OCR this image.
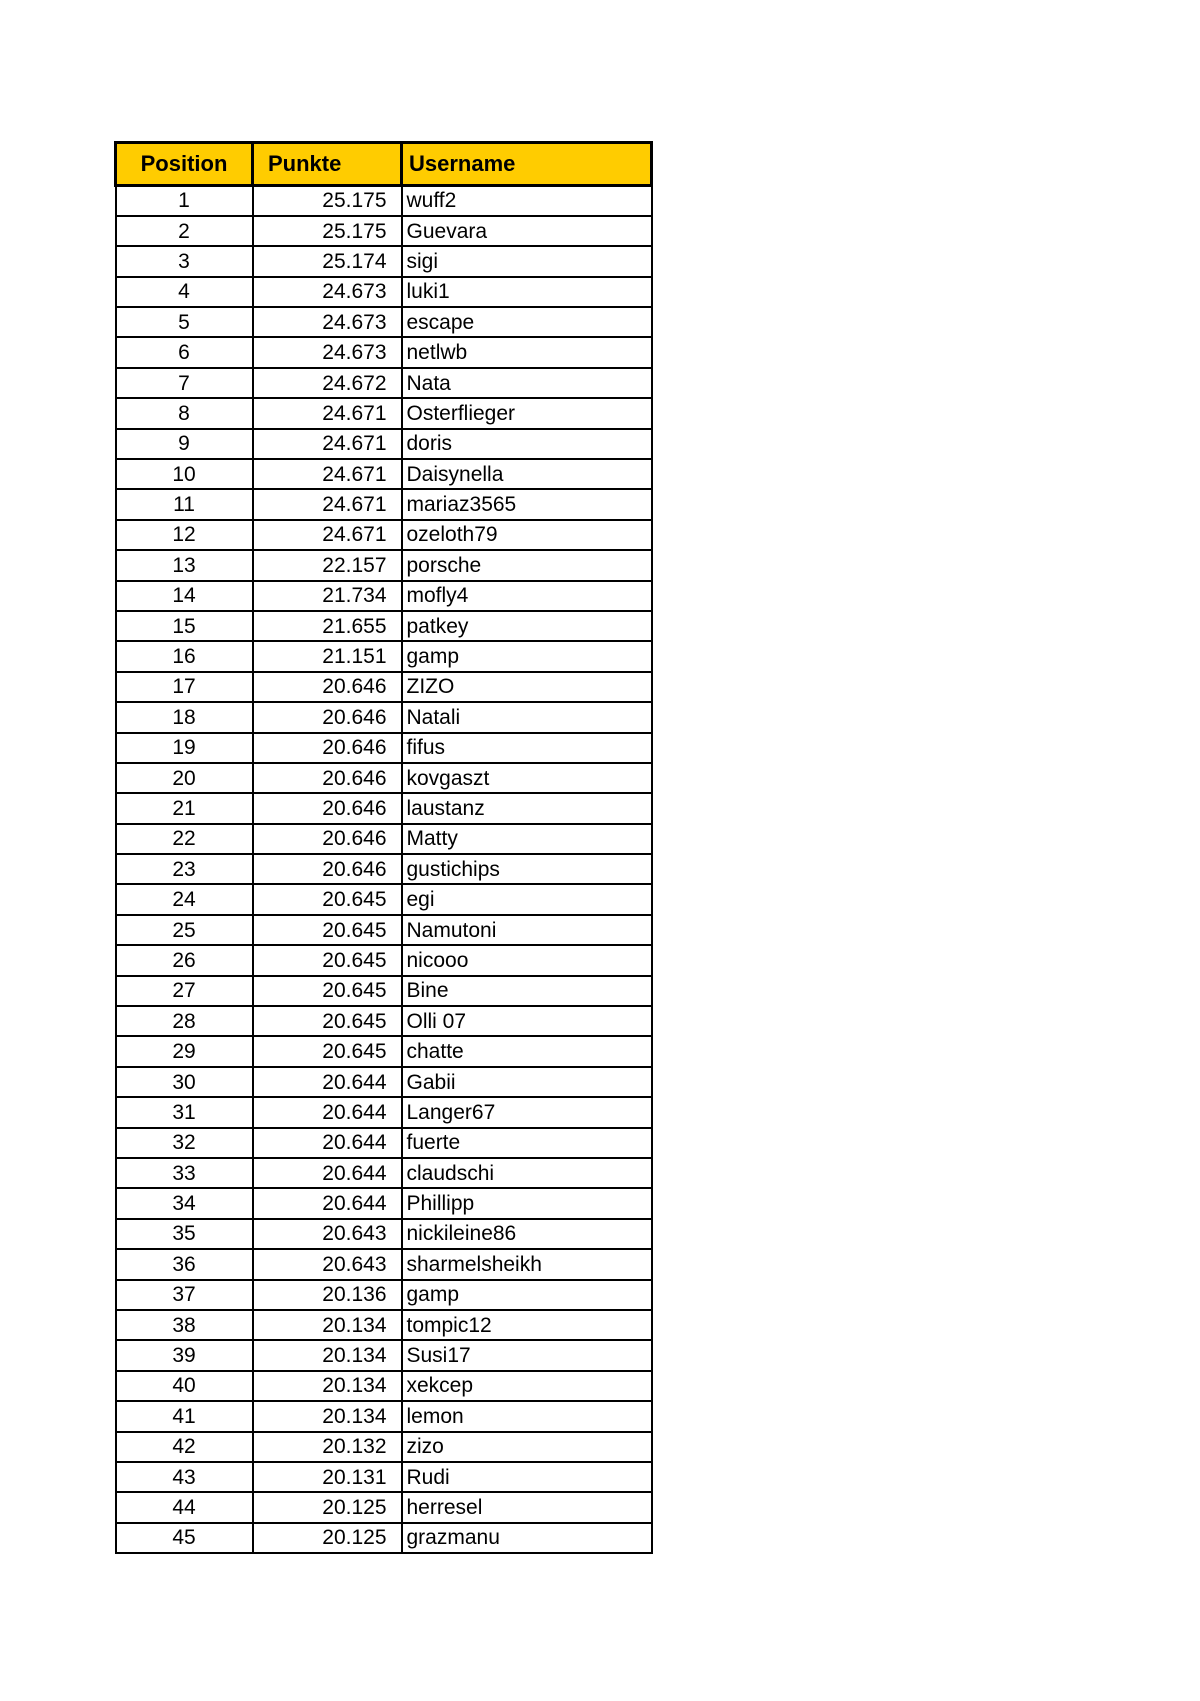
Position	Punkte	Username
1	25.175	wuff2
2	25.175	Guevara
3	25.174	sigi
4	24.673	luki1
5	24.673	escape
6	24.673	netlwb
7	24.672	Nata
8	24.671	Osterflieger
9	24.671	doris
10	24.671	Daisynella
11	24.671	mariaz3565
12	24.671	ozeloth79
13	22.157	porsche
14	21.734	mofly4
15	21.655	patkey
16	21.151	gamp
17	20.646	ZIZO
18	20.646	Natali
19	20.646	fifus
20	20.646	kovgaszt
21	20.646	laustanz
22	20.646	Matty
23	20.646	gustichips
24	20.645	egi
25	20.645	Namutoni
26	20.645	nicooo
27	20.645	Bine
28	20.645	Olli 07
29	20.645	chatte
30	20.644	Gabii
31	20.644	Langer67
32	20.644	fuerte
33	20.644	claudschi
34	20.644	Phillipp
35	20.643	nickileine86
36	20.643	sharmelsheikh
37	20.136	gamp
38	20.134	tompic12
39	20.134	Susi17
40	20.134	xekcep
41	20.134	lemon
42	20.132	zizo
43	20.131	Rudi
44	20.125	herresel
45	20.125	grazmanu
